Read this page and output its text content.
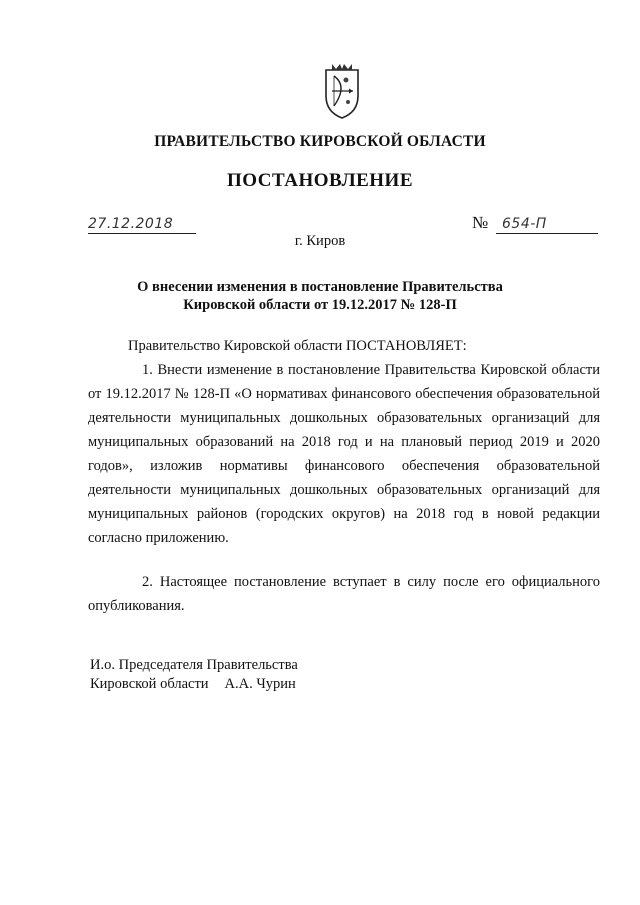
ПРАВИТЕЛЬСТВО КИРОВСКОЙ ОБЛАСТИ
ПОСТАНОВЛЕНИЕ
27.12.2018	№ 654-П
г. Киров
О внесении изменения в постановление Правительства
Кировской области от 19.12.2017 № 128-П
Правительство Кировской области ПОСТАНОВЛЯЕТ:
1. Внести изменение в постановление Правительства Кировской области от 19.12.2017 № 128-П «О нормативах финансового обеспечения образовательной деятельности муниципальных дошкольных образовательных организаций для муниципальных образований на 2018 год и на плановый период 2019 и 2020 годов», изложив нормативы финансового обеспечения образовательной деятельности муниципальных дошкольных образовательных организаций для муниципальных районов (городских округов) на 2018 год в новой редакции согласно приложению.
2. Настоящее постановление вступает в силу после его официального опубликования.
И.о. Председателя Правительства
Кировской области А.А. Чурин
